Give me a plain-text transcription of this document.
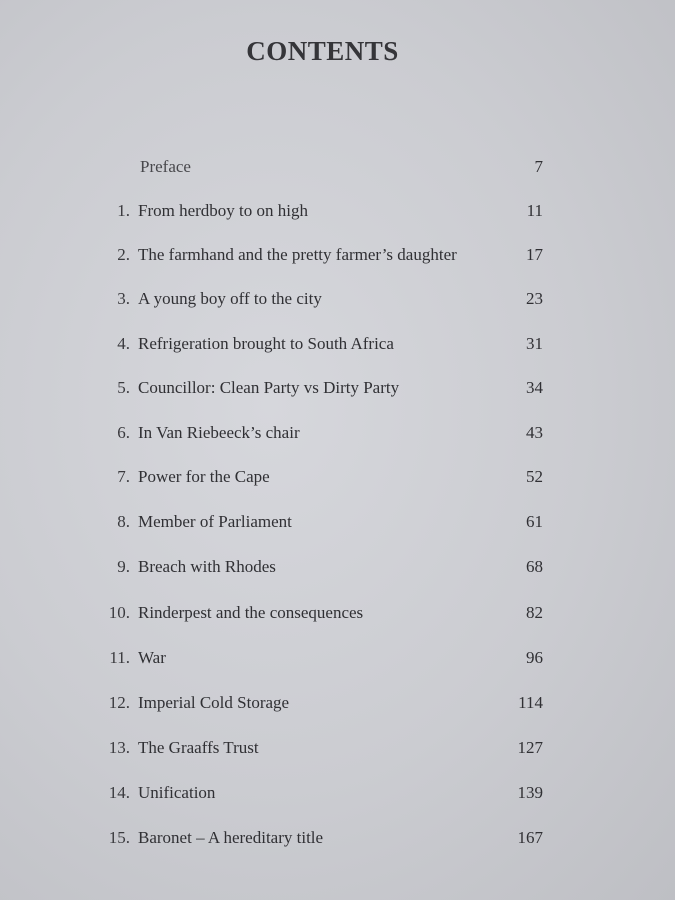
CONTENTS
Preface	7
1. From herdboy to on high	11
2. The farmhand and the pretty farmer’s daughter	17
3. A young boy off to the city	23
4. Refrigeration brought to South Africa	31
5. Councillor: Clean Party vs Dirty Party	34
6. In Van Riebeeck’s chair	43
7. Power for the Cape	52
8. Member of Parliament	61
9. Breach with Rhodes	68
10. Rinderpest and the consequences	82
11. War	96
12. Imperial Cold Storage	114
13. The Graaffs Trust	127
14. Unification	139
15. Baronet – A hereditary title	167
